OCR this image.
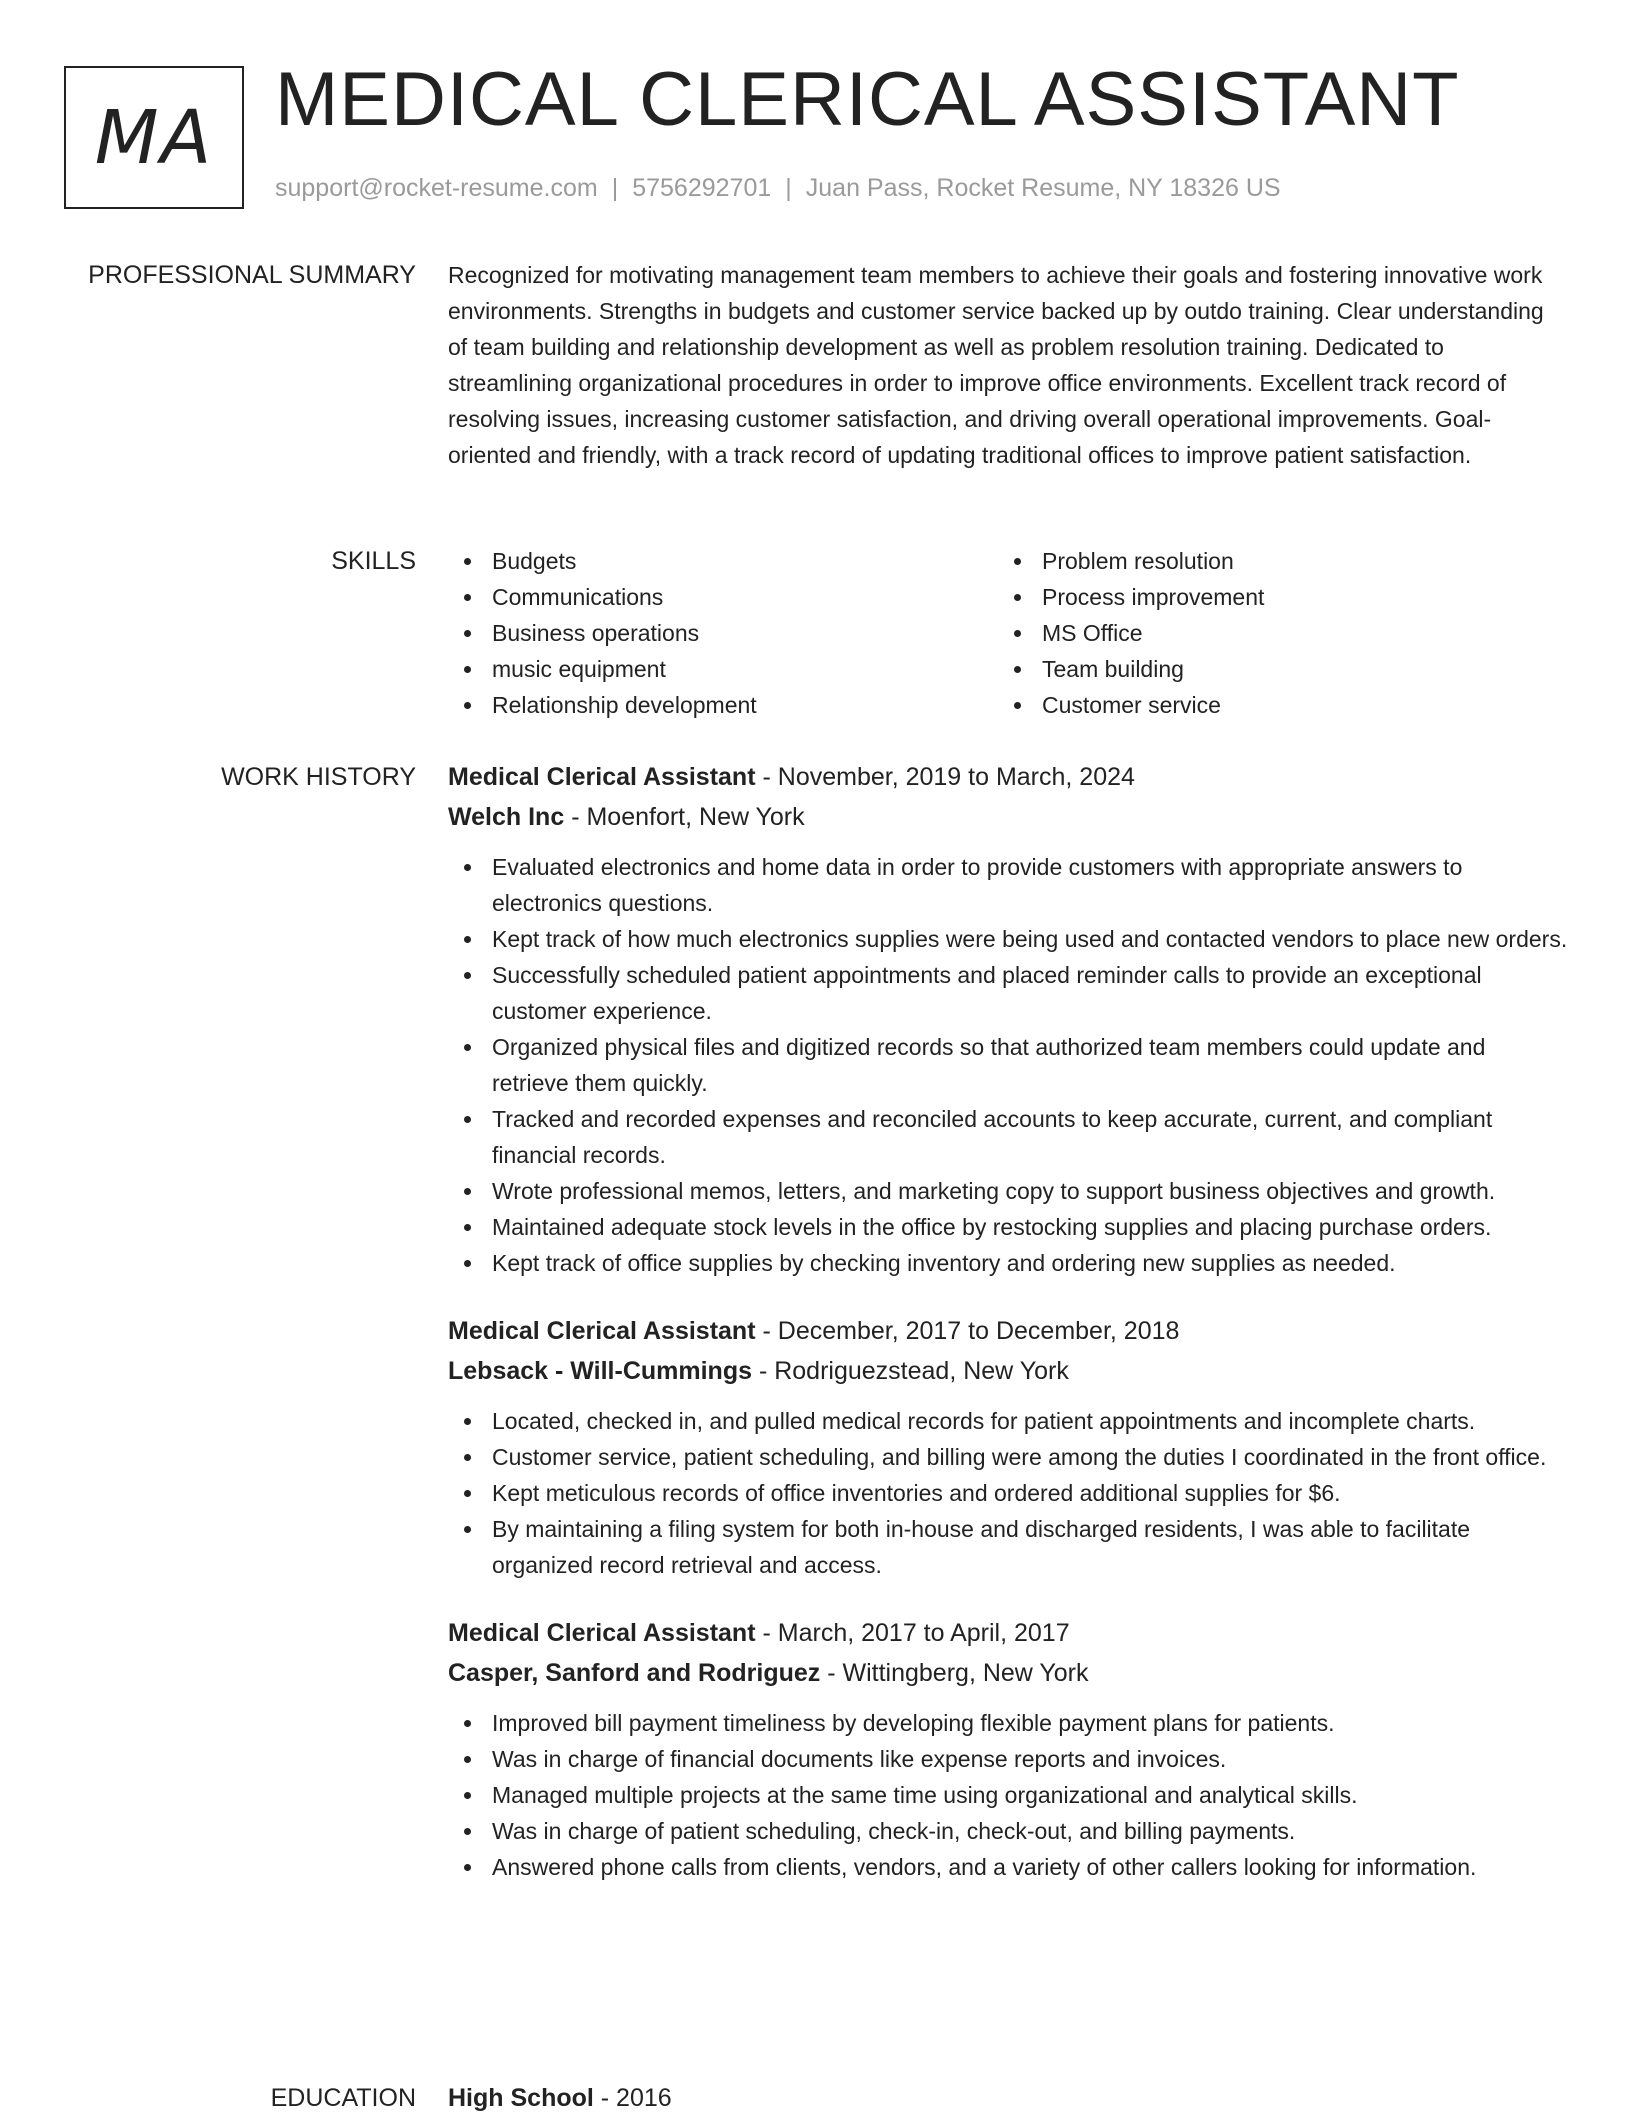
MA MEDICAL CLERICAL ASSISTANT
support@rocket-resume.com | 5756292701 | Juan Pass, Rocket Resume, NY 18326 US
PROFESSIONAL SUMMARY Recognized for motivating management team members to achieve their goals and fostering innovative work environments. Strengths in budgets and customer service backed up by outdo training. Clear understanding of team building and relationship development as well as problem resolution training. Dedicated to streamlining organizational procedures in order to improve office environments. Excellent track record of resolving issues, increasing customer satisfaction, and driving overall operational improvements. Goal-oriented and friendly, with a track record of updating traditional offices to improve patient satisfaction.
SKILLS	Budgets
Communications
Business operations
music equipment
Relationship development
Problem resolution
Process improvement
MS Office
Team building
Customer service
WORK HISTORY Medical Clerical Assistant - November, 2019 to March, 2024
Welch Inc - Moenfort, New York
Evaluated electronics and home data in order to provide customers with appropriate answers to electronics questions.
Kept track of how much electronics supplies were being used and contacted vendors to place new orders.
Successfully scheduled patient appointments and placed reminder calls to provide an exceptional customer experience.
Organized physical files and digitized records so that authorized team members could update and retrieve them quickly.
Tracked and recorded expenses and reconciled accounts to keep accurate, current, and compliant financial records.
Wrote professional memos, letters, and marketing copy to support business objectives and growth.
Maintained adequate stock levels in the office by restocking supplies and placing purchase orders.
Kept track of office supplies by checking inventory and ordering new supplies as needed.
Medical Clerical Assistant - December, 2017 to December, 2018
Lebsack - Will-Cummings - Rodriguezstead, New York
Located, checked in, and pulled medical records for patient appointments and incomplete charts.
Customer service, patient scheduling, and billing were among the duties I coordinated in the front office.
Kept meticulous records of office inventories and ordered additional supplies for $6.
By maintaining a filing system for both in-house and discharged residents, I was able to facilitate organized record retrieval and access.
Medical Clerical Assistant - March, 2017 to April, 2017
Casper, Sanford and Rodriguez - Wittingberg, New York
Improved bill payment timeliness by developing flexible payment plans for patients.
Was in charge of financial documents like expense reports and invoices.
Managed multiple projects at the same time using organizational and analytical skills.
Was in charge of patient scheduling, check-in, check-out, and billing payments.
Answered phone calls from clients, vendors, and a variety of other callers looking for information.
EDUCATION High School - 2016
